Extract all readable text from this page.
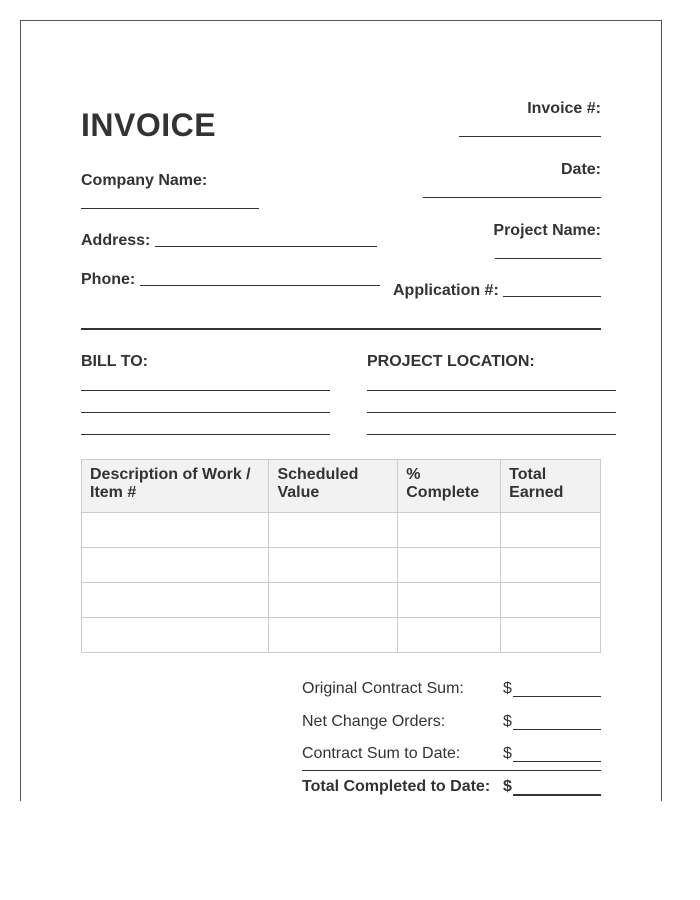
INVOICE	Invoice #:
Date:
Project Name:
Application #:
Company Name:
Address:
Phone:
BILL TO:	PROJECT LOCATION:
Description of Work / Item #	Scheduled Value	% Complete	Total Earned

Original Contract Sum: $
Net Change Orders:	$
Contract Sum to Date:	$
Total Completed to Date: $
